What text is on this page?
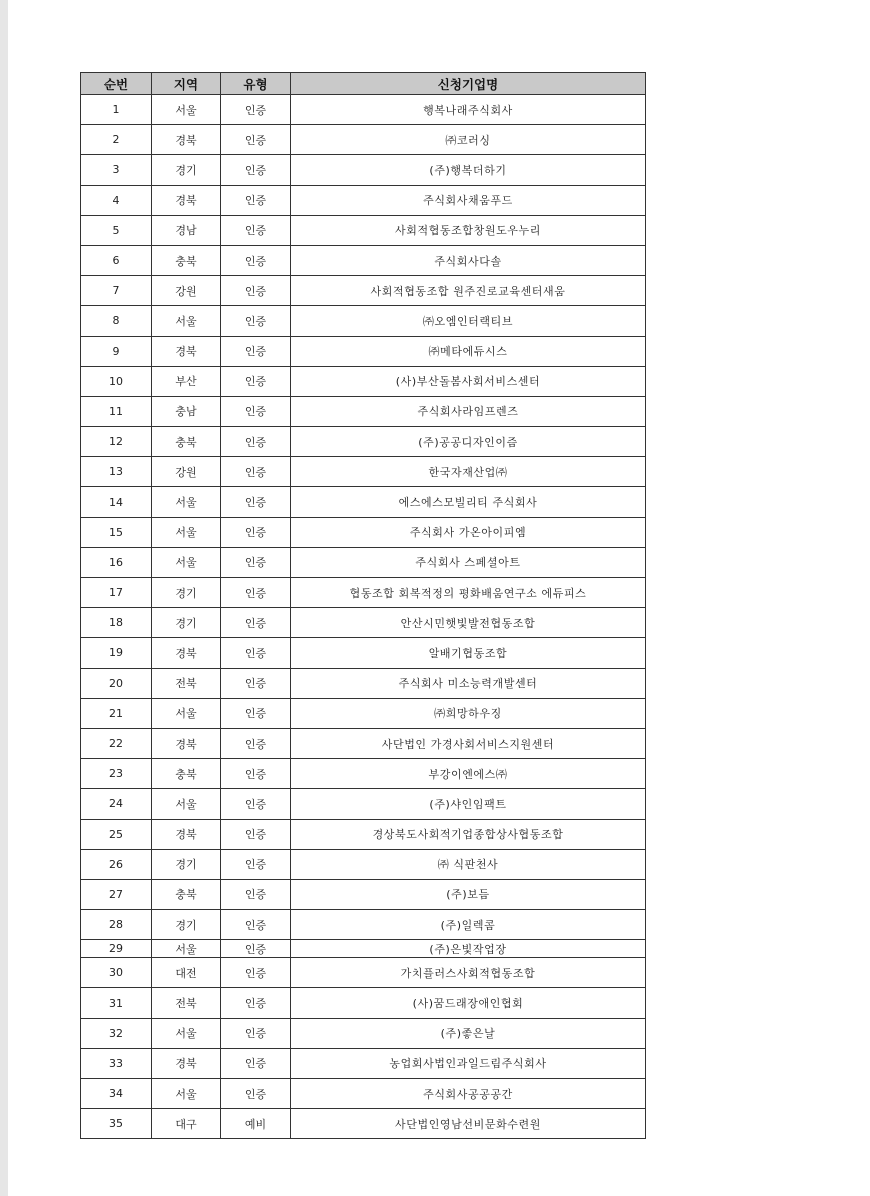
순번	지역	유형	신청기업명
1	서울	인증	행복나래주식회사
2	경북	인증	㈜코러싱
3	경기	인증	(주)행복더하기
4	경북	인증	주식회사채움푸드
5	경남	인증	사회적협동조합창원도우누리
6	충북	인증	주식회사다솔
7	강원	인증	사회적협동조합 원주진로교육센터새움
8	서울	인증	㈜오엠인터랙티브
9	경북	인증	㈜메타에듀시스
10	부산	인증	(사)부산돌봄사회서비스센터
11	충남	인증	주식회사라임프렌즈
12	충북	인증	(주)공공디자인이즘
13	강원	인증	한국자재산업㈜
14	서울	인증	에스에스모빌리티 주식회사
15	서울	인증	주식회사 가온아이피엠
16	서울	인증	주식회사 스페셜아트
17	경기	인증	협동조합 회복적정의 평화배움연구소 에듀피스
18	경기	인증	안산시민햇빛발전협동조합
19	경북	인증	알배기협동조합
20	전북	인증	주식회사 미소능력개발센터
21	서울	인증	㈜희망하우징
22	경북	인증	사단법인 가경사회서비스지원센터
23	충북	인증	부강이엔에스㈜
24	서울	인증	(주)샤인임팩트
25	경북	인증	경상북도사회적기업종합상사협동조합
26	경기	인증	㈜ 식판천사
27	충북	인증	(주)보듬
28	경기	인증	(주)일렉콤
29	서울	인증	(주)은빛작업장
30	대전	인증	가치플러스사회적협동조합
31	전북	인증	(사)꿈드래장애인협회
32	서울	인증	(주)좋은날
33	경북	인증	농업회사법인과일드림주식회사
34	서울	인증	주식회사공공공간
35	대구	예비	사단법인영남선비문화수련원
